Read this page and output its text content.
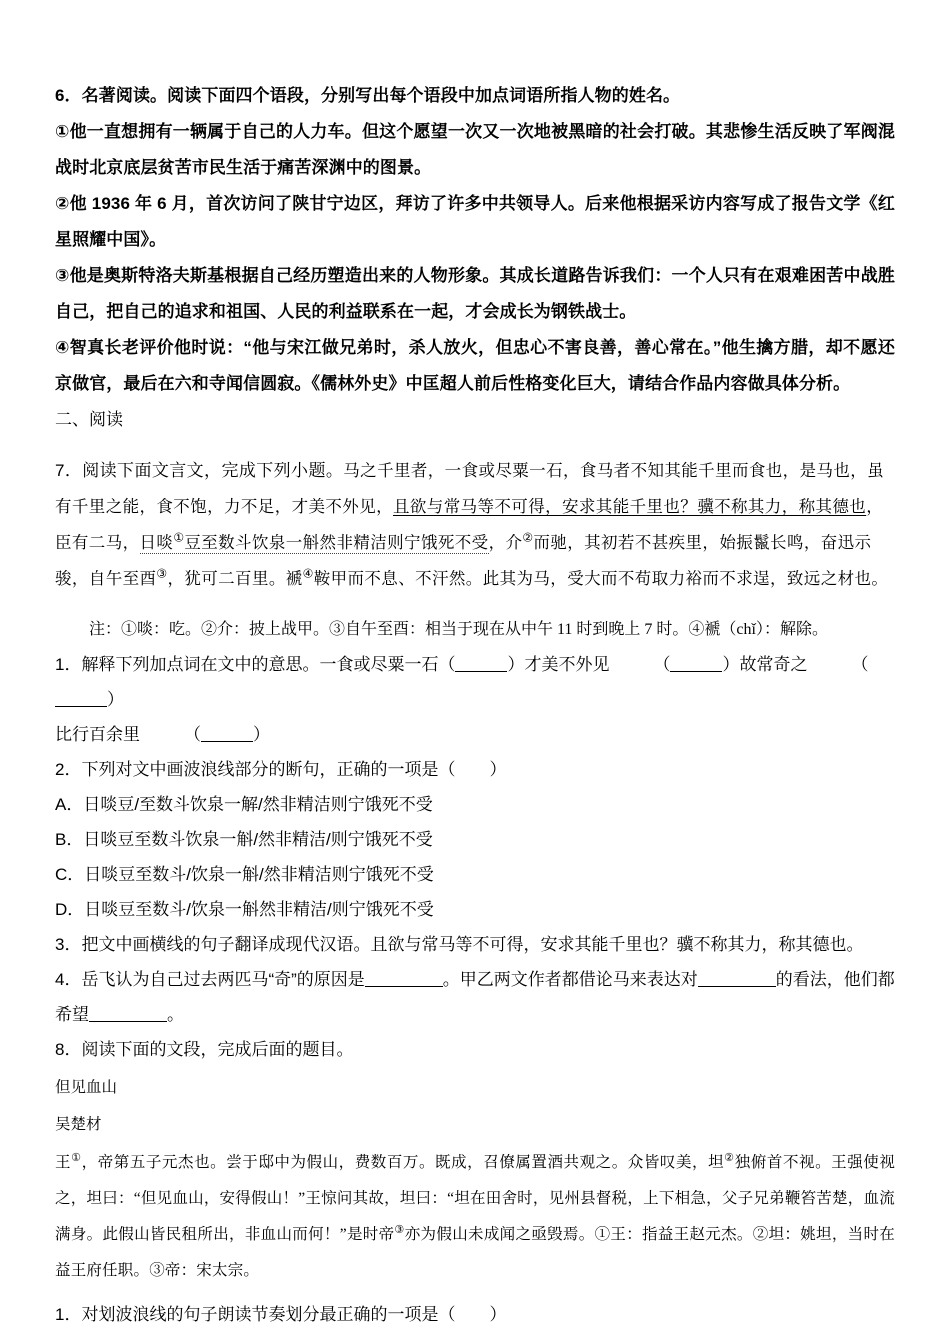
6．名著阅读。阅读下面四个语段，分别写出每个语段中加点词语所指人物的姓名。

①他一直想拥有一辆属于自己的人力车。但这个愿望一次又一次地被黑暗的社会打破。其悲惨生活反映了军阀混战时北京底层贫苦市民生活于痛苦深渊中的图景。

②他 1936 年 6 月，首次访问了陕甘宁边区，拜访了许多中共领导人。后来他根据采访内容写成了报告文学《红星照耀中国》。

③他是奥斯特洛夫斯基根据自己经历塑造出来的人物形象。其成长道路告诉我们：一个人只有在艰难困苦中战胜自己，把自己的追求和祖国、人民的利益联系在一起，才会成长为钢铁战士。

④智真长老评价他时说：“他与宋江做兄弟时，杀人放火，但忠心不害良善，善心常在。”他生擒方腊，却不愿还京做官，最后在六和寺闻信圆寂。《儒林外史》中匡超人前后性格变化巨大，请结合作品内容做具体分析。

二、阅读

7．阅读下面文言文，完成下列小题。马之千里者，一食或尽粟一石，食马者不知其能千里而食也，是马也，虽有千里之能，食不饱，力不足，才美不外见，且欲与常马等不可得，安求其能千里也？骥不称其力，称其德也，臣有二马，日啖①豆至数斗饮泉一斛然非精洁则宁饿死不受，介②而驰，其初若不甚疾里，始振鬣长鸣，奋迅示骏，自午至酉③，犹可二百里。褫④鞍甲而不息、不汗然。此其为马，受大而不苟取力裕而不求逞，致远之材也。

注：①啖：吃。②介：披上战甲。③自午至酉：相当于现在从中午 11 时到晚上 7 时。④褫（chǐ）：解除。

1．解释下列加点词在文中的意思。一食或尽粟一石（	）才美不外见	（	）故常奇之	（）

比行百余里	（	）

2．下列对文中画波浪线部分的断句，正确的一项是（　　）

A．日啖豆/至数斗饮泉一解/然非精洁则宁饿死不受

B．日啖豆至数斗饮泉一斛/然非精洁/则宁饿死不受

C．日啖豆至数斗/饮泉一斛/然非精洁则宁饿死不受

D．日啖豆至数斗/饮泉一斛然非精洁/则宁饿死不受

3．把文中画横线的句子翻译成现代汉语。且欲与常马等不可得，安求其能千里也？骥不称其力，称其德也。

4．岳飞认为自己过去两匹马“奇”的原因是	。甲乙两文作者都借论马来表达对	的看法，他们都希望	。

8．阅读下面的文段，完成后面的题目。

但见血山

吴楚材

王①，帝第五子元杰也。尝于邸中为假山，费数百万。既成，召僚属置酒共观之。众皆叹美，坦②独俯首不视。王强使视之，坦曰：“但见血山，安得假山！”王惊问其故，坦曰：“坦在田舍时，见州县督税，上下相急，父子兄弟鞭笞苦楚，血流满身。此假山皆民租所出，非血山而何！”是时帝③亦为假山未成闻之亟毁焉。①王：指益王赵元杰。②坦：姚坦，当时在益王府任职。③帝：宋太宗。

1．对划波浪线的句子朗读节奏划分最正确的一项是（　　）
